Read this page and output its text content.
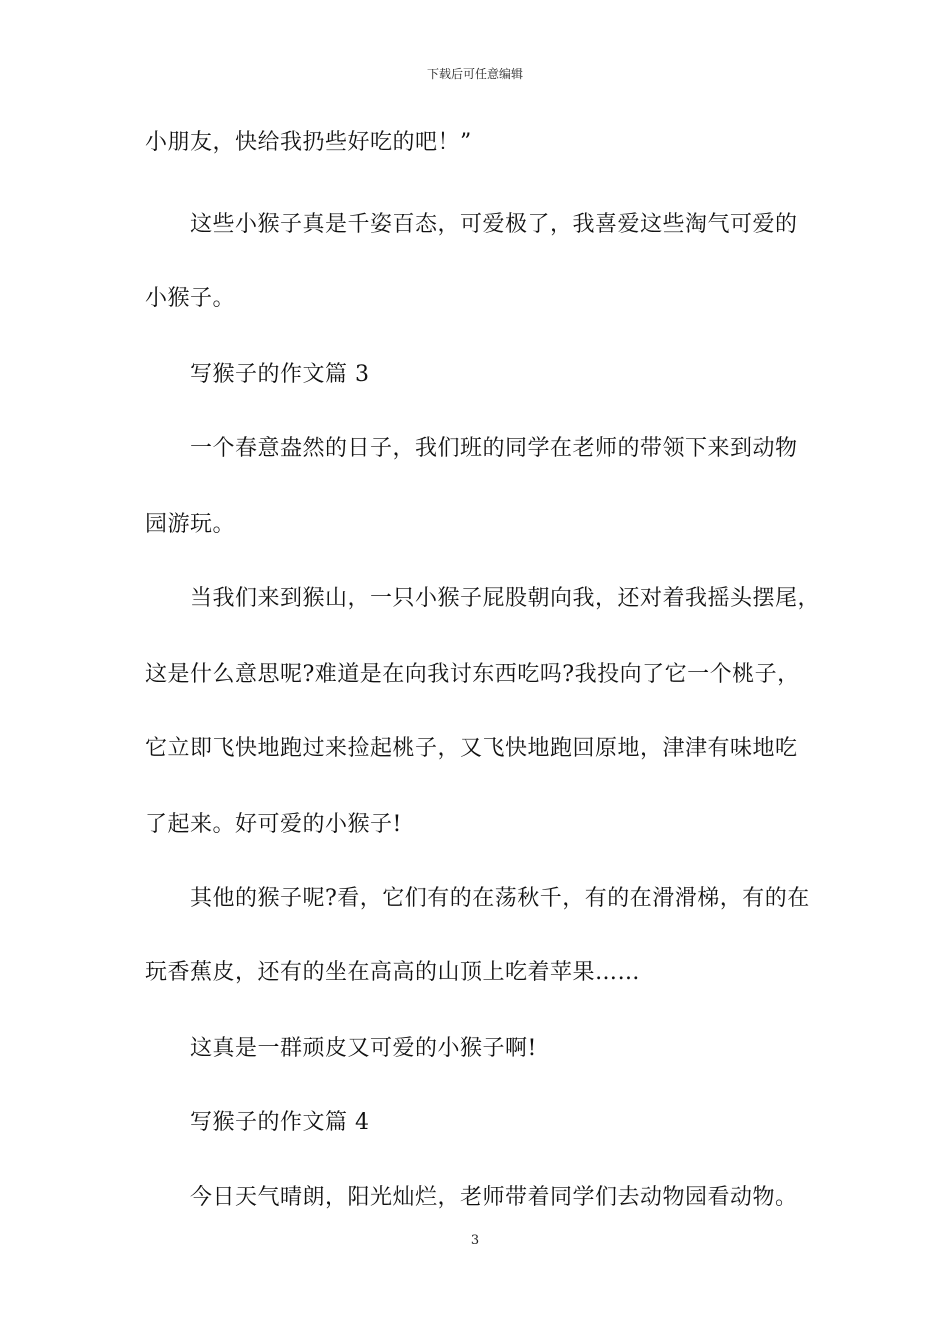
下载后可任意编辑
小朋友，快给我扔些好吃的吧！”
这些小猴子真是千姿百态，可爱极了，我喜爱这些淘气可爱的
小猴子。
写猴子的作文篇 3
一个春意盎然的日子，我们班的同学在老师的带领下来到动物
园游玩。
当我们来到猴山，一只小猴子屁股朝向我，还对着我摇头摆尾，
这是什么意思呢?难道是在向我讨东西吃吗?我投向了它一个桃子，
它立即飞快地跑过来捡起桃子，又飞快地跑回原地，津津有味地吃
了起来。好可爱的小猴子!
其他的猴子呢?看，它们有的在荡秋千，有的在滑滑梯，有的在
玩香蕉皮，还有的坐在高高的山顶上吃着苹果……
这真是一群顽皮又可爱的小猴子啊!
写猴子的作文篇 4
今日天气晴朗，阳光灿烂，老师带着同学们去动物园看动物。
3
